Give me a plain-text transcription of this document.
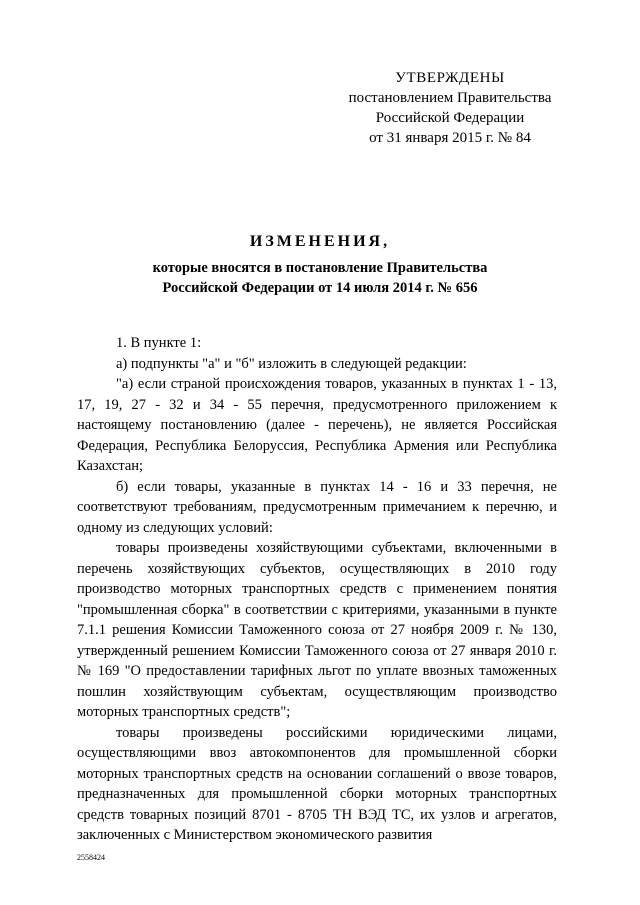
УТВЕРЖДЕНЫ
постановлением Правительства
Российской Федерации
от 31 января 2015 г. № 84
ИЗМЕНЕНИЯ,
которые вносятся в постановление Правительства
Российской Федерации от 14 июля 2014 г. № 656

1. В пункте 1:

а) подпункты "а" и "б" изложить в следующей редакции:

"а) если страной происхождения товаров, указанных в пунктах 1 - 13, 17, 19, 27 - 32 и 34 - 55 перечня, предусмотренного приложением к настоящему постановлению (далее - перечень), не является Российская Федерация, Республика Белоруссия, Республика Армения или Республика Казахстан;

б) если товары, указанные в пунктах 14 - 16 и 33 перечня, не соответствуют требованиям, предусмотренным примечанием к перечню, и одному из следующих условий:

товары произведены хозяйствующими субъектами, включенными в перечень хозяйствующих субъектов, осуществляющих в 2010 году производство моторных транспортных средств с применением понятия "промышленная сборка" в соответствии с критериями, указанными в пункте 7.1.1 решения Комиссии Таможенного союза от 27 ноября 2009 г. № 130, утвержденный решением Комиссии Таможенного союза от 27 января 2010 г. № 169 "О предоставлении тарифных льгот по уплате ввозных таможенных пошлин хозяйствующим субъектам, осуществляющим производство моторных транспортных средств";

товары произведены российскими юридическими лицами, осуществляющими ввоз автокомпонентов для промышленной сборки моторных транспортных средств на основании соглашений о ввозе товаров, предназначенных для промышленной сборки моторных транспортных средств товарных позиций 8701 - 8705 ТН ВЭД ТС, их узлов и агрегатов, заключенных с Министерством экономического развития

2558424
